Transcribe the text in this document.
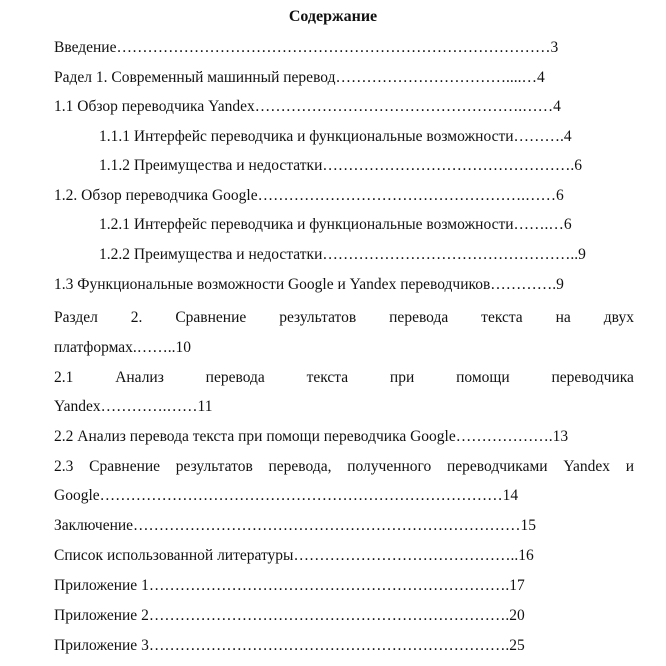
Содержание
Введение…………………………………………………………………………3
Радел 1. Современный машинный перевод……………………………....…4
1.1 Обзор переводчика Yandex…………………………………………….……4
1.1.1 Интерфейс переводчика и функциональные возможности……….4
1.1.2 Преимущества и недостатки………………………………………….6
1.2. Обзор переводчика Google…………………………………………….……6
1.2.1 Интерфейс переводчика и функциональные возможности…….…6
1.2.2 Преимущества и недостатки…………………………………………..9
1.3 Функциональные возможности Google и Yandex переводчиков………….9
Раздел 2. Сравнение результатов перевода текста на двух
платформах.……..10
2.1	Анализ	перевода	текста	при	помощи	переводчика
Yandex………….……11
2.2 Анализ перевода текста при помощи переводчика Google……………….13
2.3 Сравнение результатов перевода, полученного переводчиками Yandex и
Google……………………………………………………………………14
Заключение…………………………………………………………………15
Список использованной литературы……………………………………..16
Приложение 1…………………………………………………………….17
Приложение 2…………………………………………………………….20
Приложение 3…………………………………………………………….25
